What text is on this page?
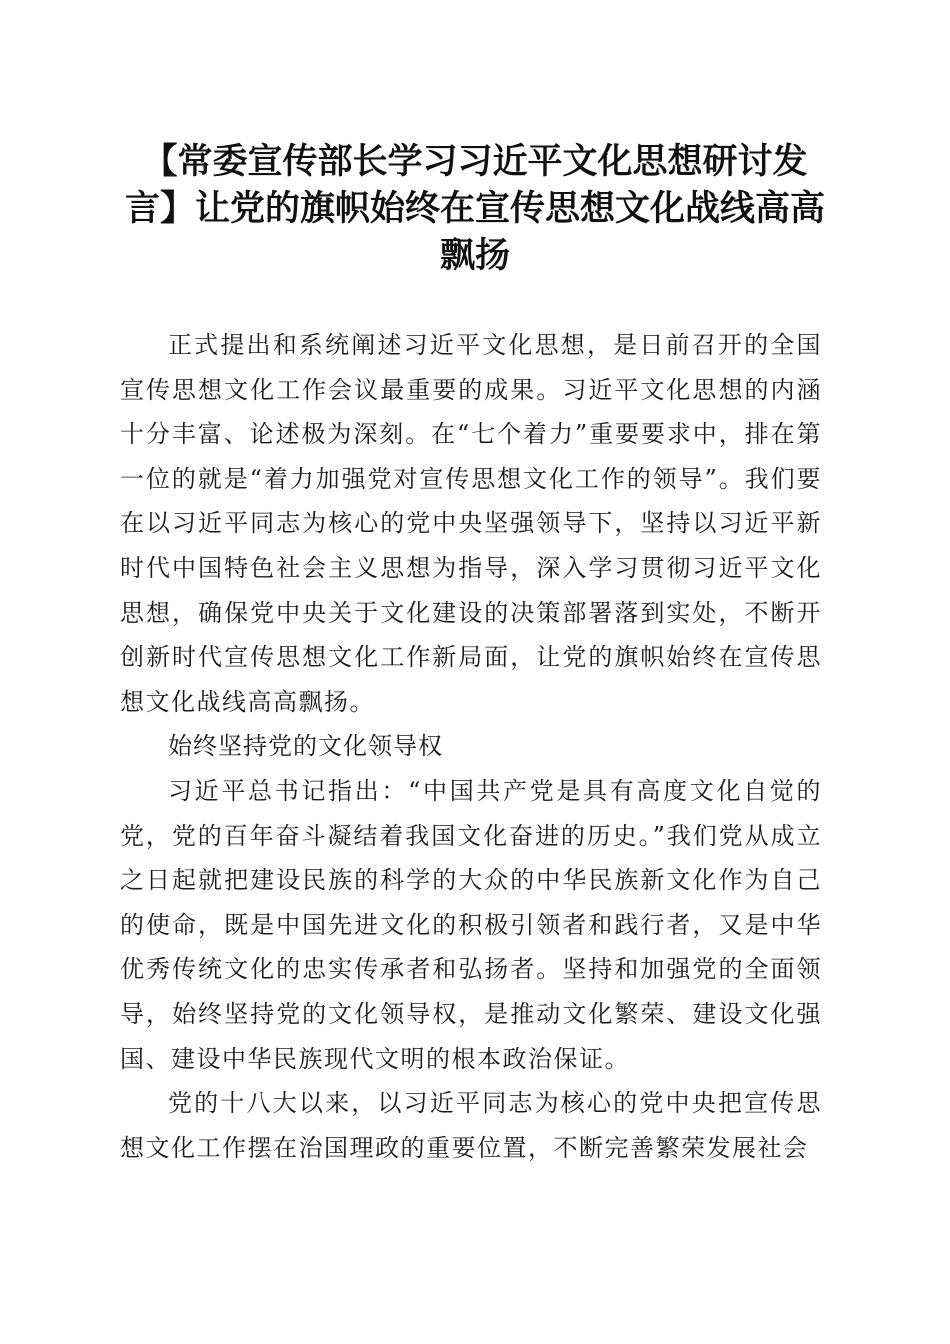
【常委宣传部长学习习近平文化思想研讨发言】让党的旗帜始终在宣传思想文化战线高高飘扬

正式提出和系统阐述习近平文化思想，是日前召开的全国宣传思想文化工作会议最重要的成果。习近平文化思想的内涵十分丰富、论述极为深刻。在“七个着力”重要要求中，排在第一位的就是“着力加强党对宣传思想文化工作的领导”。我们要在以习近平同志为核心的党中央坚强领导下，坚持以习近平新时代中国特色社会主义思想为指导，深入学习贯彻习近平文化思想，确保党中央关于文化建设的决策部署落到实处，不断开创新时代宣传思想文化工作新局面，让党的旗帜始终在宣传思想文化战线高高飘扬。

始终坚持党的文化领导权

习近平总书记指出：“中国共产党是具有高度文化自觉的党，党的百年奋斗凝结着我国文化奋进的历史。”我们党从成立之日起就把建设民族的科学的大众的中华民族新文化作为自己的使命，既是中国先进文化的积极引领者和践行者，又是中华优秀传统文化的忠实传承者和弘扬者。坚持和加强党的全面领导，始终坚持党的文化领导权，是推动文化繁荣、建设文化强国、建设中华民族现代文明的根本政治保证。

党的十八大以来，以习近平同志为核心的党中央把宣传思想文化工作摆在治国理政的重要位置，不断完善繁荣发展社会
